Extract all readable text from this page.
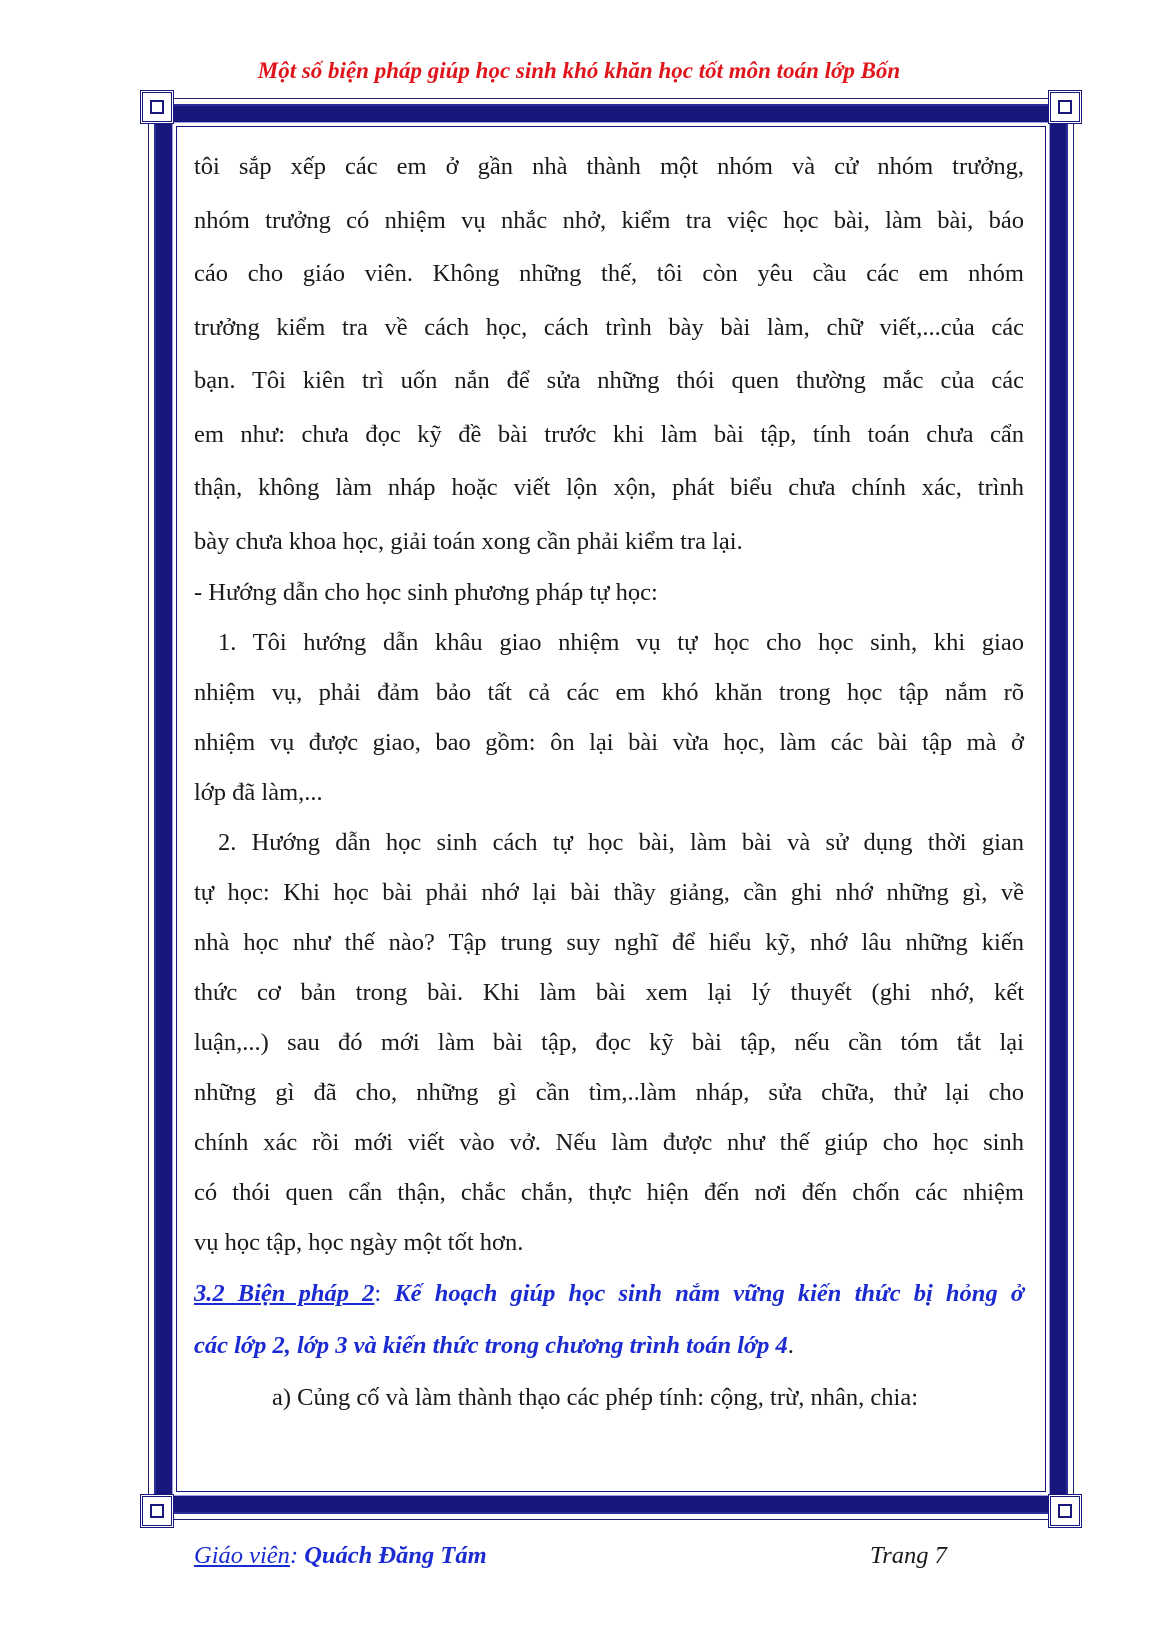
Một số biện pháp giúp học sinh khó khăn học tốt môn toán lớp Bốn
tôi sắp xếp các em ở gần nhà thành một nhóm và cử nhóm trưởng,
nhóm trưởng có nhiệm vụ nhắc nhở, kiểm tra việc học bài, làm bài, báo
cáo cho giáo viên. Không những thế, tôi còn yêu cầu các em nhóm
trưởng kiểm tra về cách học, cách trình bày bài làm, chữ viết,...của các
bạn. Tôi kiên trì uốn nắn để sửa những thói quen thường mắc của các
em như: chưa đọc kỹ đề bài trước khi làm bài tập, tính toán chưa cẩn
thận, không làm nháp hoặc viết lộn xộn, phát biểu chưa chính xác, trình
bày chưa khoa học, giải toán xong cần phải kiểm tra lại.
- Hướng dẫn cho học sinh phương pháp tự học:
1. Tôi hướng dẫn khâu giao nhiệm vụ tự học cho học sinh, khi giao
nhiệm vụ, phải đảm bảo tất cả các em khó khăn trong học tập nắm rõ
nhiệm vụ được giao, bao gồm: ôn lại bài vừa học, làm các bài tập mà ở
lớp đã làm,...
2. Hướng dẫn học sinh cách tự học bài, làm bài và sử dụng thời gian
tự học: Khi học bài phải nhớ lại bài thầy giảng, cần ghi nhớ những gì, về
nhà học như thế nào? Tập trung suy nghĩ để hiểu kỹ, nhớ lâu những kiến
thức cơ bản trong bài. Khi làm bài xem lại lý thuyết (ghi nhớ, kết
luận,...) sau đó mới làm bài tập, đọc kỹ bài tập, nếu cần tóm tắt lại
những gì đã cho, những gì cần tìm,..làm nháp, sửa chữa, thử lại cho
chính xác rồi mới viết vào vở. Nếu làm được như thế giúp cho học sinh
có thói quen cẩn thận, chắc chắn, thực hiện đến nơi đến chốn các nhiệm
vụ học tập, học ngày một tốt hơn.
3.2 Biện pháp 2: Kế hoạch giúp học sinh nắm vững kiến thức bị hỏng ở
các lớp 2, lớp 3 và kiến thức trong chương trình toán lớp 4.
a) Củng cố và làm thành thạo các phép tính: cộng, trừ, nhân, chia:
Giáo viên: Quách Đăng Tám	Trang 7
